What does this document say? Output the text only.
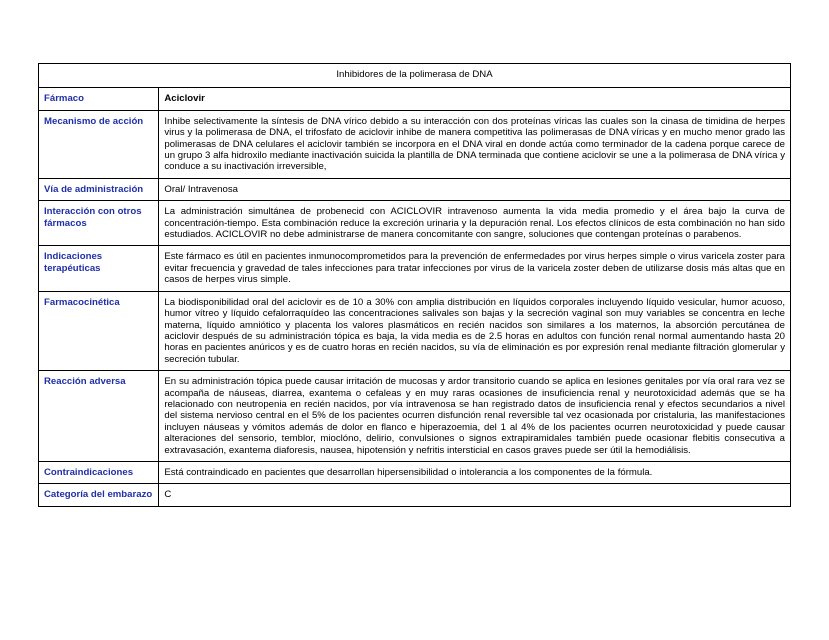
Inhibidores de la polimerasa de DNA	
Fármaco	Aciclovir
Mecanismo de acción	Inhibe selectivamente la síntesis de DNA vírico debido a su interacción con dos proteínas víricas las cuales son la cinasa de timidina de herpes virus y la polimerasa de DNA, el trifosfato de aciclovir inhibe de manera competitiva las polimerasas de DNA víricas y en mucho menor grado las polimerasas de DNA celulares el aciclovir también se incorpora en el DNA viral en donde actúa como terminador de la cadena porque carece de un grupo 3 alfa hidroxilo mediante inactivación suicida la plantilla de DNA terminada que contiene aciclovir se une a la polimerasa de DNA vírica y conduce a su inactivación irreversible,
Vía de administración	Oral/ Intravenosa
Interacción con otros fármacos	La administración simultánea de probenecid con ACICLOVIR intravenoso aumenta la vida media promedio y el área bajo la curva de concentración-tiempo. Esta combinación reduce la excreción urinaria y la depuración renal. Los efectos clínicos de esta combinación no han sido estudiados. ACICLOVIR no debe administrarse de manera concomitante con sangre, soluciones que contengan proteínas o parabenos.
Indicaciones terapéuticas	Este fármaco es útil en pacientes inmunocomprometidos para la prevención de enfermedades por virus herpes simple o virus varicela zoster para evitar frecuencia y gravedad de tales infecciones para tratar infecciones por virus de la varicela zoster deben de utilizarse dosis más altas que en casos de herpes virus simple.
Farmacocinética	La biodisponibilidad oral del aciclovir es de 10 a 30% con amplia distribución en líquidos corporales incluyendo líquido vesicular, humor acuoso, humor vítreo y líquido cefalorraquídeo las concentraciones salivales son bajas y la secreción vaginal son muy variables se concentra en leche materna, líquido amniótico y placenta los valores plasmáticos en recién nacidos son similares a los maternos, la absorción percutánea de aciclovir después de su administración tópica es baja, la vida media es de 2.5 horas en adultos con función renal normal aumentando hasta 20 horas en pacientes anúricos y es de cuatro horas en recién nacidos, su vía de eliminación es por expresión renal mediante filtración glomerular y secreción tubular.
Reacción adversa	En su administración tópica puede causar irritación de mucosas y ardor transitorio cuando se aplica en lesiones genitales por vía oral rara vez se acompaña de náuseas, diarrea, exantema o cefaleas y en muy raras ocasiones de insuficiencia renal y neurotoxicidad además que se ha relacionado con neutropenia en recién nacidos, por vía intravenosa se han registrado datos de insuficiencia renal y efectos secundarios a nivel del sistema nervioso central en el 5% de los pacientes ocurren disfunción renal reversible tal vez ocasionada por cristaluria, las manifestaciones incluyen náuseas y vómitos además de dolor en flanco e hiperazoemia, del 1 al 4% de los pacientes ocurren neurotoxicidad y puede causar alteraciones del sensorio, temblor, mioclóno, delirio, convulsiones o signos extrapiramidales también puede ocasionar flebitis consecutiva a extravasación, exantema diaforesis, nausea, hipotensión y nefritis intersticial en casos graves puede ser útil la hemodiálisis.
Contraindicaciones	Está contraindicado en pacientes que desarrollan hipersensibilidad o intolerancia a los componentes de la fórmula.
Categoría del embarazo	C
